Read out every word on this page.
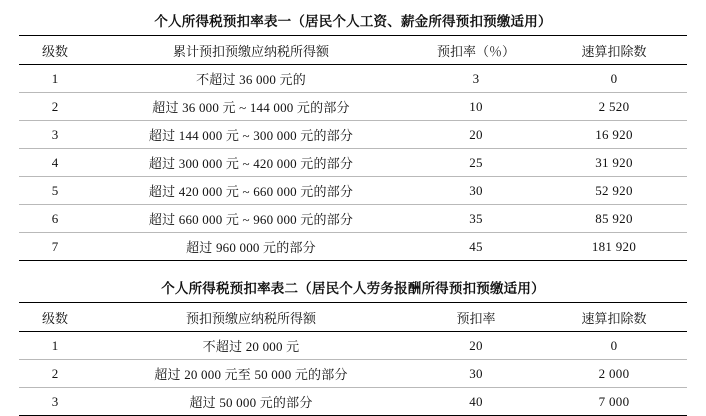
个人所得税预扣率表一（居民个人工资、薪金所得预扣预缴适用）
级数	累计预扣预缴应纳税所得额	预扣率（％）	速算扣除数
1	不超过 36 000 元的	3	0
2	超过 36 000 元 ~ 144 000 元的部分	10	2 520
3	超过 144 000 元 ~ 300 000 元的部分	20	16 920
4	超过 300 000 元 ~ 420 000 元的部分	25	31 920
5	超过 420 000 元 ~ 660 000 元的部分	30	52 920
6	超过 660 000 元 ~ 960 000 元的部分	35	85 920
7	超过 960 000 元的部分	45	181 920
个人所得税预扣率表二（居民个人劳务报酬所得预扣预缴适用）
级数	预扣预缴应纳税所得额	预扣率	速算扣除数
1	不超过 20 000 元	20	0
2	超过 20 000 元至 50 000 元的部分	30	2 000
3	超过 50 000 元的部分	40	7 000
